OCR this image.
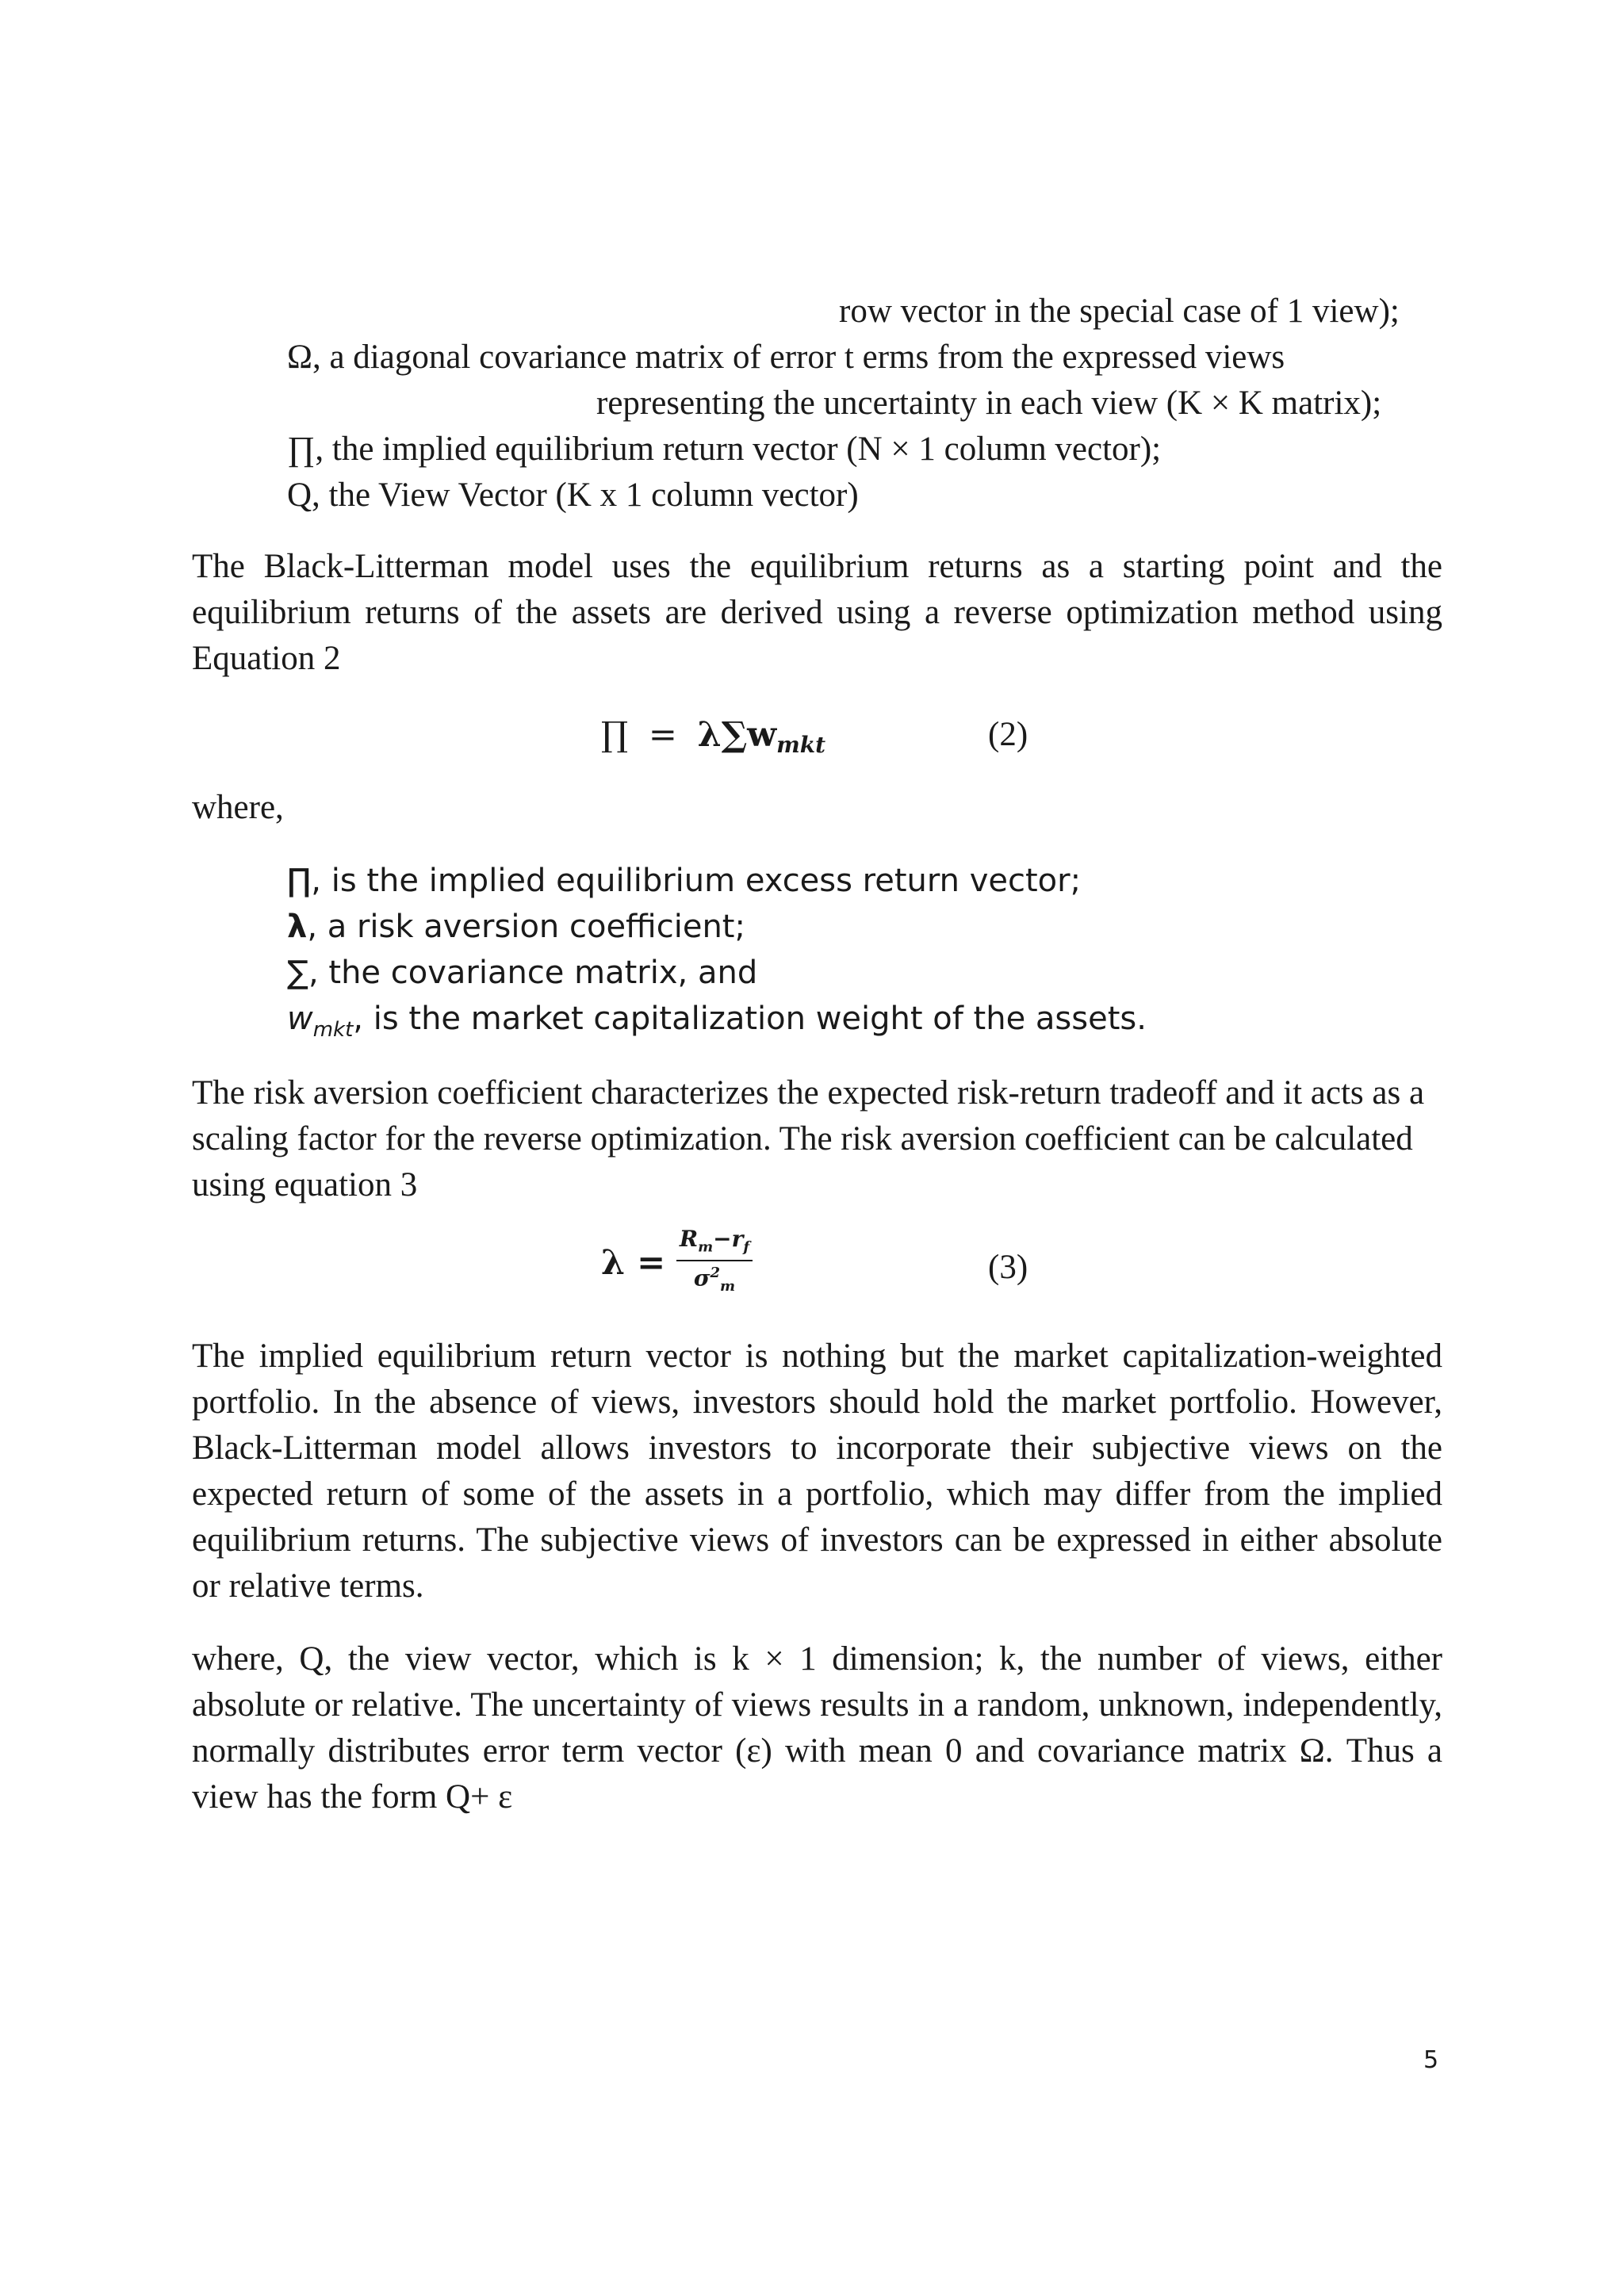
row vector in the special case of 1 view);
Ω, a diagonal covariance matrix of error t erms from the expressed views
representing the uncertainty in each view (K × K matrix);
∏, the implied equilibrium return vector (N × 1 column vector);
Q, the View Vector (K x 1 column vector)
The Black-Litterman model uses the equilibrium returns as a starting point and the equilibrium returns of the assets are derived using a reverse optimization method using Equation 2
∏ = $\lambda\sum w_{mkt}$	(2)
where,
∏, is the implied equilibrium excess return vector;
λ, a risk aversion coefficient;
∑, the covariance matrix, and
$w_{mkt}$, is the market capitalization weight of the assets.
The risk aversion coefficient characterizes the expected risk-return tradeoff and it acts as a scaling factor for the reverse optimization. The risk aversion coefficient can be calculated using equation 3
$\lambda = \frac{R_m-r_f}{\sigma^2_m}$	(3)
The implied equilibrium return vector is nothing but the market capitalization-weighted portfolio. In the absence of views, investors should hold the market portfolio. However, Black-Litterman model allows investors to incorporate their subjective views on the expected return of some of the assets in a portfolio, which may differ from the implied equilibrium returns. The subjective views of investors can be expressed in either absolute or relative terms.
where, Q, the view vector, which is k × 1 dimension; k, the number of views, either absolute or relative. The uncertainty of views results in a random, unknown, independently, normally distributes error term vector (ε) with mean 0 and covariance matrix Ω. Thus a view has the form Q+ ε
5
